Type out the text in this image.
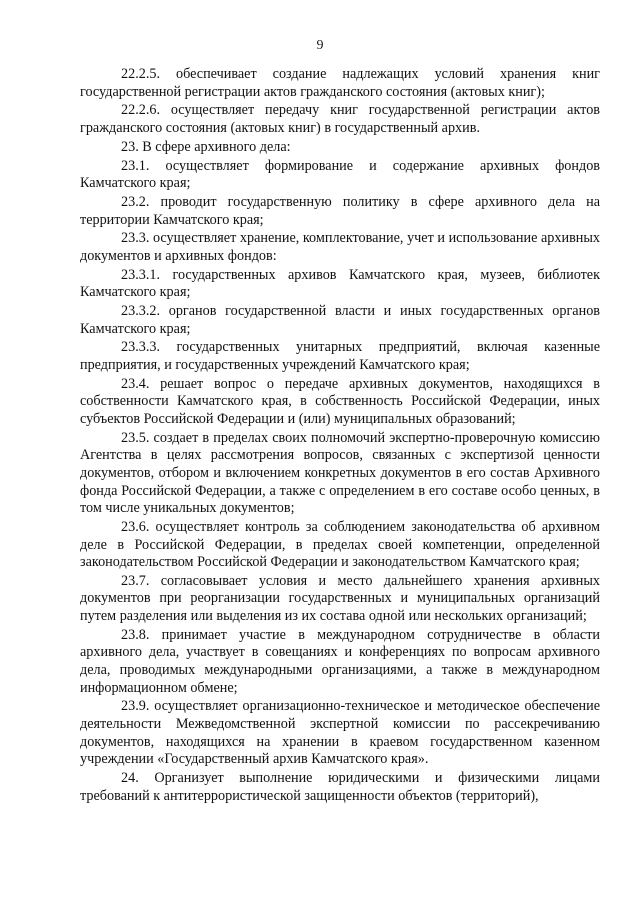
9

22.2.5. обеспечивает создание надлежащих условий хранения книг государственной регистрации актов гражданского состояния (актовых книг);

22.2.6. осуществляет передачу книг государственной регистрации актов гражданского состояния (актовых книг) в государственный архив.

23. В сфере архивного дела:

23.1. осуществляет формирование и содержание архивных фондов Камчатского края;

23.2. проводит государственную политику в сфере архивного дела на территории Камчатского края;

23.3. осуществляет хранение, комплектование, учет и использование архивных документов и архивных фондов:

23.3.1. государственных архивов Камчатского края, музеев, библиотек Камчатского края;

23.3.2. органов государственной власти и иных государственных органов Камчатского края;

23.3.3. государственных унитарных предприятий, включая казенные предприятия, и государственных учреждений Камчатского края;

23.4. решает вопрос о передаче архивных документов, находящихся в собственности Камчатского края, в собственность Российской Федерации, иных субъектов Российской Федерации и (или) муниципальных образований;

23.5. создает в пределах своих полномочий экспертно-проверочную комиссию Агентства в целях рассмотрения вопросов, связанных с экспертизой ценности документов, отбором и включением конкретных документов в его состав Архивного фонда Российской Федерации, а также с определением в его составе особо ценных, в том числе уникальных документов;

23.6. осуществляет контроль за соблюдением законодательства об архивном деле в Российской Федерации, в пределах своей компетенции, определенной законодательством Российской Федерации и законодательством Камчатского края;

23.7. согласовывает условия и место дальнейшего хранения архивных документов при реорганизации государственных и муниципальных организаций путем разделения или выделения из их состава одной или нескольких организаций;

23.8. принимает участие в международном сотрудничестве в области архивного дела, участвует в совещаниях и конференциях по вопросам архивного дела, проводимых международными организациями, а также в международном информационном обмене;

23.9. осуществляет организационно-техническое и методическое обеспечение деятельности Межведомственной экспертной комиссии по рассекречиванию документов, находящихся на хранении в краевом государственном казенном учреждении «Государственный архив Камчатского края».

24. Организует выполнение юридическими и физическими лицами требований к антитеррористической защищенности объектов (территорий),
